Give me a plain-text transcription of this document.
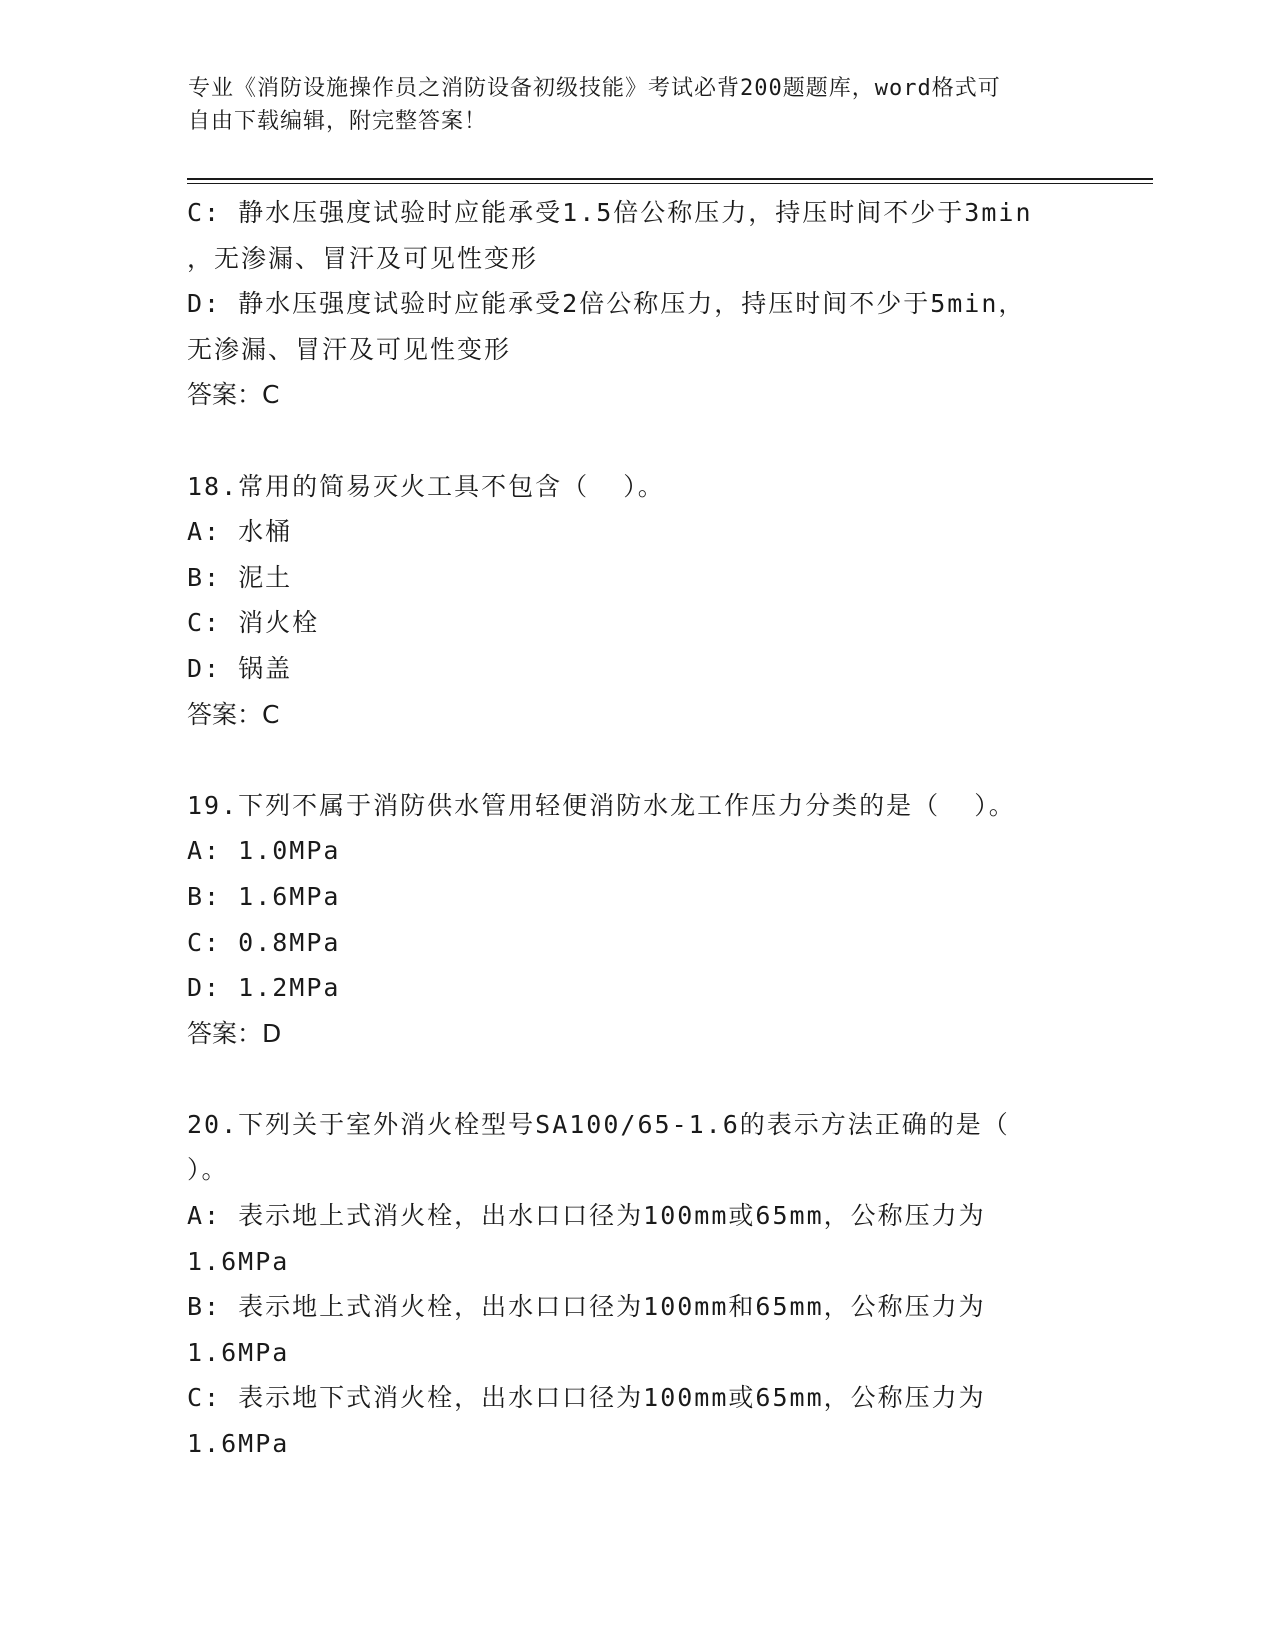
专业《消防设施操作员之消防设备初级技能》考试必背200题题库，word格式可
自由下载编辑，附完整答案！
C: 静水压强度试验时应能承受1.5倍公称压力，持压时间不少于3min
，无渗漏、冒汗及可见性变形
D: 静水压强度试验时应能承受2倍公称压力，持压时间不少于5min，
无渗漏、冒汗及可见性变形
答案：C
18.常用的简易灭火工具不包含（  ）。
A: 水桶
B: 泥土
C: 消火栓
D: 锅盖
答案：C
19.下列不属于消防供水管用轻便消防水龙工作压力分类的是（  ）。
A: 1.0MPa
B: 1.6MPa
C: 0.8MPa
D: 1.2MPa
答案：D
20.下列关于室外消火栓型号SA100/65-1.6的表示方法正确的是（
）。
A: 表示地上式消火栓，出水口口径为100mm或65mm，公称压力为
1.6MPa
B: 表示地上式消火栓，出水口口径为100mm和65mm，公称压力为
1.6MPa
C: 表示地下式消火栓，出水口口径为100mm或65mm，公称压力为
1.6MPa
